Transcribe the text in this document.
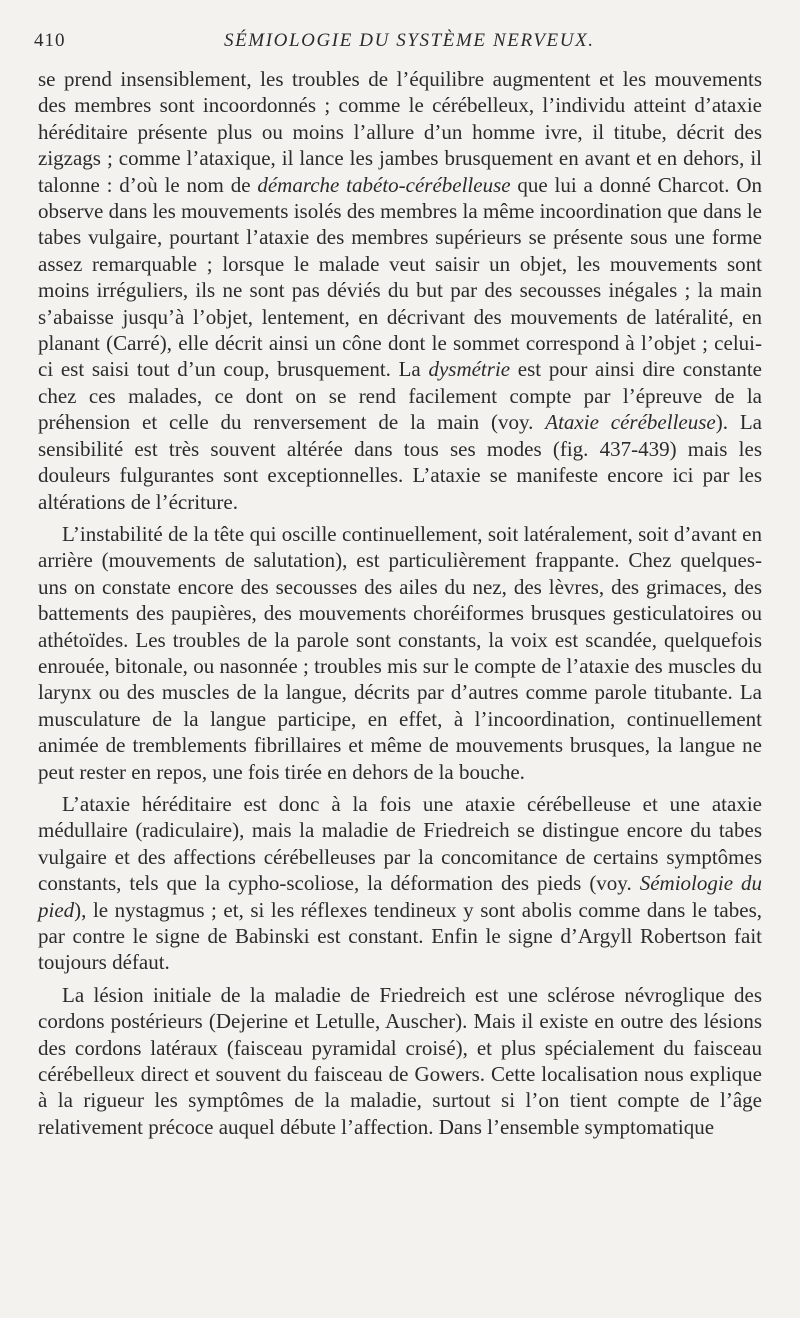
410	SÉMIOLOGIE DU SYSTÈME NERVEUX.

se prend insensiblement, les troubles de l’équilibre augmentent et les mouvements des membres sont incoordonnés ; comme le cérébelleux, l’individu atteint d’ataxie héréditaire présente plus ou moins l’allure d’un homme ivre, il titube, décrit des zigzags ; comme l’ataxique, il lance les jambes brusquement en avant et en dehors, il talonne : d’où le nom de démarche tabéto-cérébelleuse que lui a donné Charcot. On observe dans les mouvements isolés des membres la même incoordination que dans le tabes vulgaire, pourtant l’ataxie des membres supérieurs se présente sous une forme assez remarquable ; lorsque le malade veut saisir un objet, les mouvements sont moins irréguliers, ils ne sont pas déviés du but par des secousses inégales ; la main s’abaisse jusqu’à l’objet, lentement, en décrivant des mouvements de latéralité, en planant (Carré), elle décrit ainsi un cône dont le sommet correspond à l’objet ; celui-ci est saisi tout d’un coup, brusquement. La dysmétrie est pour ainsi dire constante chez ces malades, ce dont on se rend facilement compte par l’épreuve de la préhension et celle du renversement de la main (voy. Ataxie cérébelleuse). La sensibilité est très souvent altérée dans tous ses modes (fig. 437-439) mais les douleurs fulgurantes sont exceptionnelles. L’ataxie se manifeste encore ici par les altérations de l’écriture.

L’instabilité de la tête qui oscille continuellement, soit latéralement, soit d’avant en arrière (mouvements de salutation), est particulièrement frappante. Chez quelques-uns on constate encore des secousses des ailes du nez, des lèvres, des grimaces, des battements des paupières, des mouvements choréiformes brusques gesticulatoires ou athétoïdes. Les troubles de la parole sont constants, la voix est scandée, quelquefois enrouée, bitonale, ou nasonnée ; troubles mis sur le compte de l’ataxie des muscles du larynx ou des muscles de la langue, décrits par d’autres comme parole titubante. La musculature de la langue participe, en effet, à l’incoordination, continuellement animée de tremblements fibrillaires et même de mouvements brusques, la langue ne peut rester en repos, une fois tirée en dehors de la bouche.

L’ataxie héréditaire est donc à la fois une ataxie cérébelleuse et une ataxie médullaire (radiculaire), mais la maladie de Friedreich se distingue encore du tabes vulgaire et des affections cérébelleuses par la concomitance de certains symptômes constants, tels que la cypho-scoliose, la déformation des pieds (voy. Sémiologie du pied), le nystagmus ; et, si les réflexes tendineux y sont abolis comme dans le tabes, par contre le signe de Babinski est constant. Enfin le signe d’Argyll Robertson fait toujours défaut.

La lésion initiale de la maladie de Friedreich est une sclérose névroglique des cordons postérieurs (Dejerine et Letulle, Auscher). Mais il existe en outre des lésions des cordons latéraux (faisceau pyramidal croisé), et plus spécialement du faisceau cérébelleux direct et souvent du faisceau de Gowers. Cette localisation nous explique à la rigueur les symptômes de la maladie, surtout si l’on tient compte de l’âge relativement précoce auquel débute l’affection. Dans l’ensemble symptomatique
